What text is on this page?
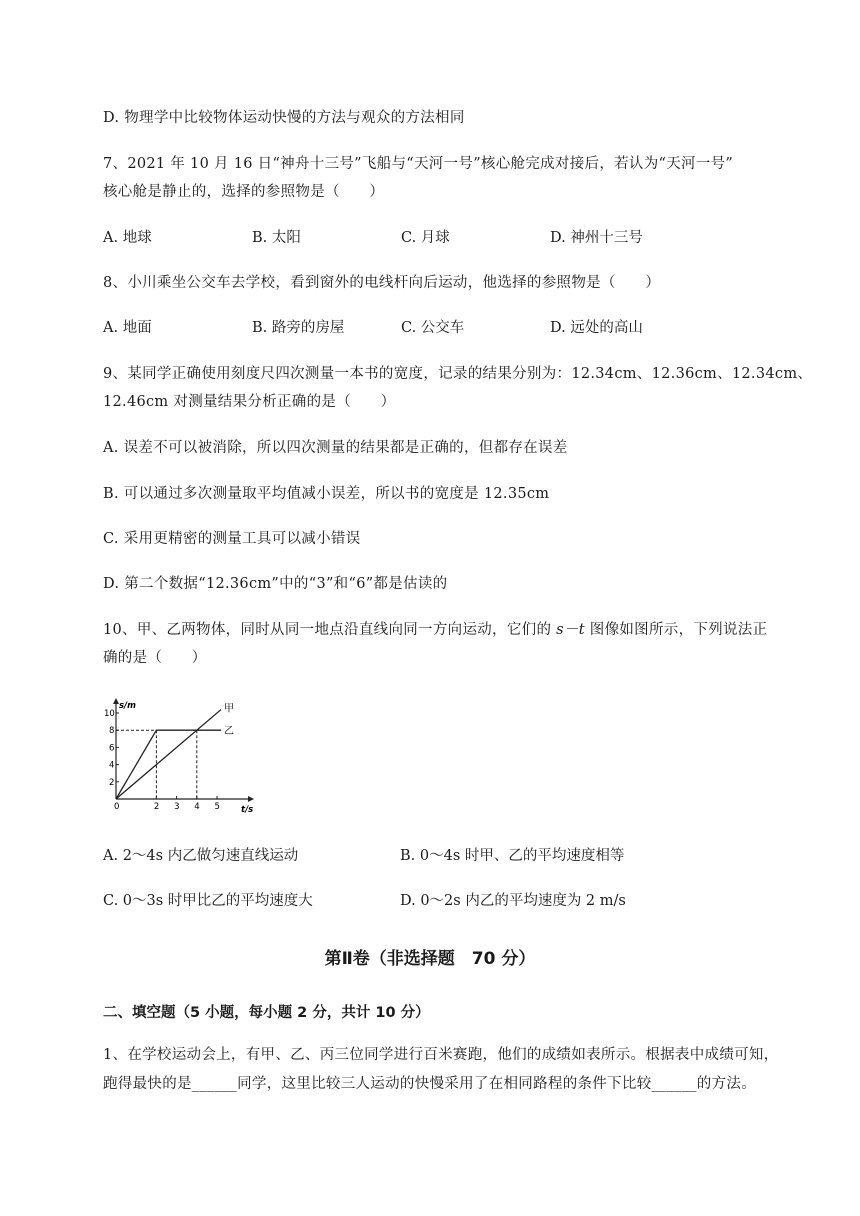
D. 物理学中比较物体运动快慢的方法与观众的方法相同
7、2021 年 10 月 16 日“神舟十三号”飞船与“天河一号”核心舱完成对接后，若认为“天河一号”
核心舱是静止的，选择的参照物是（　　）
A. 地球	B. 太阳	C. 月球	D. 神州十三号
8、小川乘坐公交车去学校，看到窗外的电线杆向后运动，他选择的参照物是（　　）
A. 地面	B. 路旁的房屋	C. 公交车	D. 远处的高山
9、某同学正确使用刻度尺四次测量一本书的宽度，记录的结果分别为：12.34cm、12.36cm、12.34cm、
12.46cm 对测量结果分析正确的是（　　）
A. 误差不可以被消除，所以四次测量的结果都是正确的，但都存在误差
B. 可以通过多次测量取平均值减小误差，所以书的宽度是 12.35cm
C. 采用更精密的测量工具可以减小错误
D. 第二个数据“12.36cm”中的“3”和“6”都是估读的
10、甲、乙两物体，同时从同一地点沿直线向同一方向运动，它们的 s－t 图像如图所示，下列说法正
确的是（　　）
s/m
t/s
0	2 3 4 5
2
4
6
8
10	甲
乙
A. 2～4s 内乙做匀速直线运动	B. 0～4s 时甲、乙的平均速度相等
C. 0～3s 时甲比乙的平均速度大	D. 0～2s 内乙的平均速度为 2 m/s
第Ⅱ卷（非选择题　70 分）
二、填空题（5 小题，每小题 2 分，共计 10 分）
1、在学校运动会上，有甲、乙、丙三位同学进行百米赛跑，他们的成绩如表所示。根据表中成绩可知，
跑得最快的是______同学，这里比较三人运动的快慢采用了在相同路程的条件下比较______的方法。
